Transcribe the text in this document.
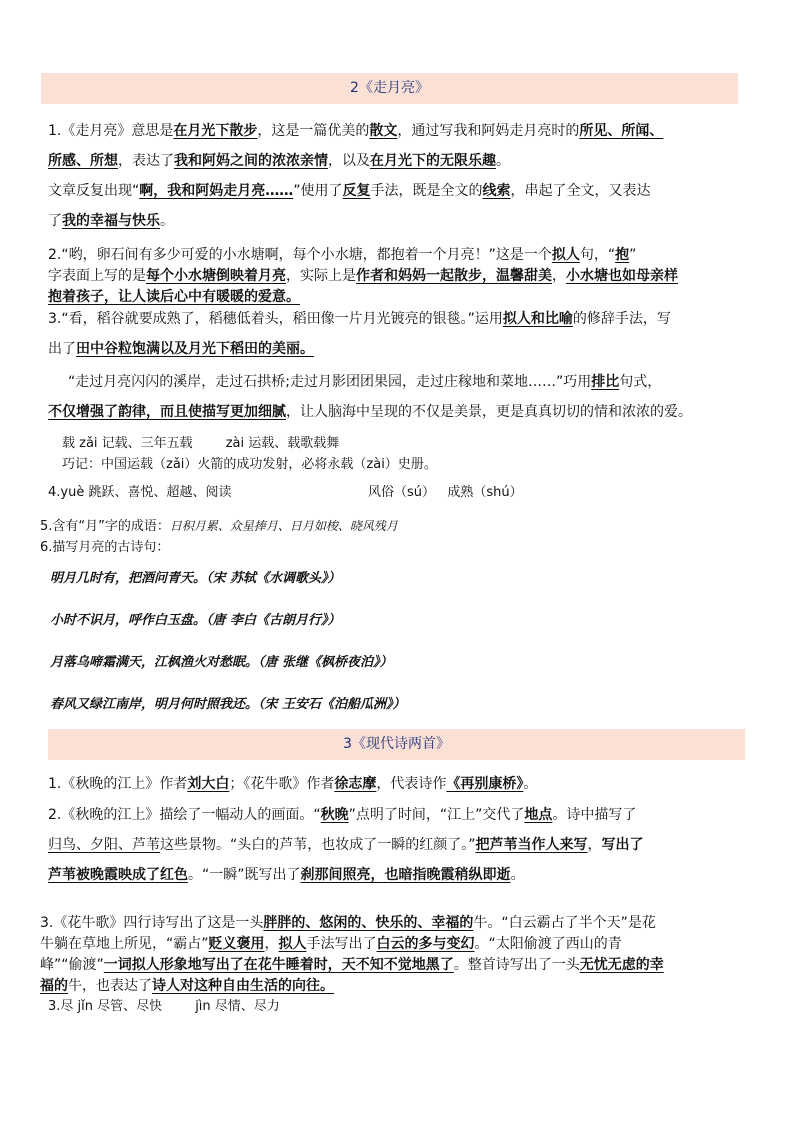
2《走月亮》
1.《走月亮》意思是在月光下散步，这是一篇优美的散文，通过写我和阿妈走月亮时的所见、所闻、
所感、所想，表达了我和阿妈之间的浓浓亲情，以及在月光下的无限乐趣。
文章反复出现“啊，我和阿妈走月亮……”使用了反复手法，既是全文的线索，串起了全文，又表达
了我的幸福与快乐。
2.“哟，卵石间有多少可爱的小水塘啊，每个小水塘，都抱着一个月亮！”这是一个拟人句，“抱”
字表面上写的是每个小水塘倒映着月亮，实际上是作者和妈妈一起散步，温馨甜美，小水塘也如母亲样
抱着孩子，让人读后心中有暖暖的爱意。
3.“看，稻谷就要成熟了，稻穗低着头，稻田像一片月光镀亮的银毯。”运用拟人和比喻的修辞手法，写
出了田中谷粒饱满以及月光下稻田的美丽。
“走过月亮闪闪的溪岸，走过石拱桥;走过月影团团果园，走过庄稼地和菜地……”巧用排比句式，
不仅增强了韵律，而且使描写更加细腻，让人脑海中呈现的不仅是美景，更是真真切切的情和浓浓的爱。
载 zǎi 记载、三年五载        zài 运载、载歌载舞
巧记：中国运载（zǎi）火箭的成功发射，必将永载（zài）史册。
4.yuè 跳跃、喜悦、超越、阅读	风俗（sú）   成熟（shú）
5.含有“月”字的成语：日积月累、众星捧月、日月如梭、晓风残月
6.描写月亮的古诗句：
明月几时有，把酒问青天。（宋 苏轼《水调歌头》）
小时不识月，呼作白玉盘。（唐 李白《古朗月行》）
月落乌啼霜满天，江枫渔火对愁眠。（唐 张继《枫桥夜泊》）
春风又绿江南岸，明月何时照我还。（宋 王安石《泊船瓜洲》）
3《现代诗两首》
1.《秋晚的江上》作者刘大白；《花牛歌》作者徐志摩，代表诗作《再别康桥》。
2.《秋晚的江上》描绘了一幅动人的画面。“秋晚”点明了时间，“江上”交代了地点。诗中描写了
归鸟、夕阳、芦苇这些景物。“头白的芦苇，也妆成了一瞬的红颜了。”把芦苇当作人来写，写出了
芦苇被晚霞映成了红色。“一瞬”既写出了刹那间照亮，也暗指晚霞稍纵即逝。
3.《花牛歌》四行诗写出了这是一头胖胖的、悠闲的、快乐的、幸福的牛。“白云霸占了半个天”是花
牛躺在草地上所见，“霸占”贬义褒用，拟人手法写出了白云的多与变幻。“太阳偷渡了西山的青
峰”“偷渡”一词拟人形象地写出了在花牛睡着时，天不知不觉地黑了。整首诗写出了一头无忧无虑的幸
福的牛，也表达了诗人对这种自由生活的向往。
3.尽 jǐn 尽管、尽快        jìn 尽情、尽力
